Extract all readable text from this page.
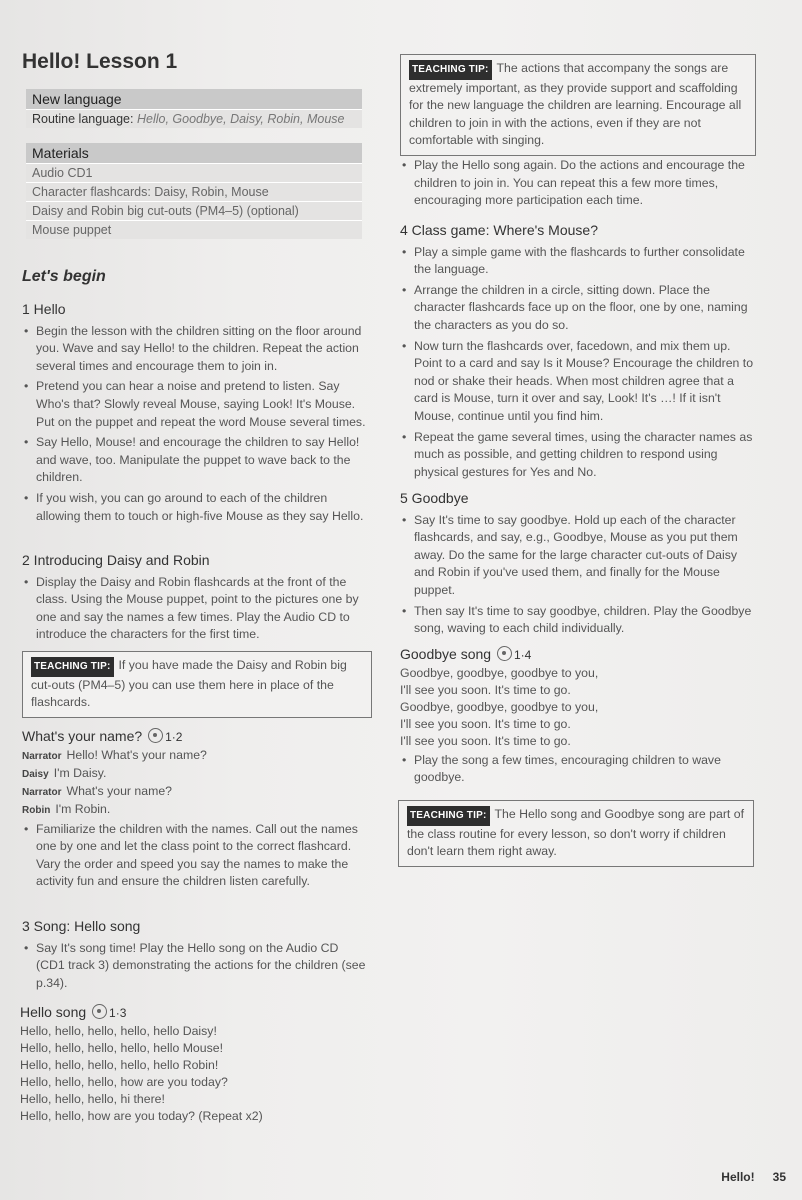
Hello! Lesson 1
New language
Routine language: Hello, Goodbye, Daisy, Robin, Mouse
Materials
Audio CD1
Character flashcards: Daisy, Robin, Mouse
Daisy and Robin big cut-outs (PM4–5) (optional)
Mouse puppet
Let's begin
1 Hello
• Begin the lesson with the children sitting on the floor around you. Wave and say Hello! to the children. Repeat the action several times and encourage them to join in.
• Pretend you can hear a noise and pretend to listen. Say Who's that? Slowly reveal Mouse, saying Look! It's Mouse. Put on the puppet and repeat the word Mouse several times.
• Say Hello, Mouse! and encourage the children to say Hello! and wave, too. Manipulate the puppet to wave back to the children.
• If you wish, you can go around to each of the children allowing them to touch or high-five Mouse as they say Hello.
2 Introducing Daisy and Robin
• Display the Daisy and Robin flashcards at the front of the class. Using the Mouse puppet, point to the pictures one by one and say the names a few times. Play the Audio CD to introduce the characters for the first time.
TEACHING TIP: If you have made the Daisy and Robin big cut-outs (PM4–5) you can use them here in place of the flashcards.
What's your name? 1·2
Narrator Hello! What's your name?
Daisy I'm Daisy.
Narrator What's your name?
Robin I'm Robin.
• Familiarize the children with the names. Call out the names one by one and let the class point to the correct flashcard. Vary the order and speed you say the names to make the activity fun and ensure the children listen carefully.
3 Song: Hello song
• Say It's song time! Play the Hello song on the Audio CD (CD1 track 3) demonstrating the actions for the children (see p.34).
Hello song 1·3
Hello, hello, hello, hello, hello Daisy!
Hello, hello, hello, hello, hello Mouse!
Hello, hello, hello, hello, hello Robin!
Hello, hello, hello, how are you today?
Hello, hello, hello, hi there!
Hello, hello, how are you today? (Repeat x2)
TEACHING TIP: The actions that accompany the songs are extremely important, as they provide support and scaffolding for the new language the children are learning. Encourage all children to join in with the actions, even if they are not comfortable with singing.
• Play the Hello song again. Do the actions and encourage the children to join in. You can repeat this a few more times, encouraging more participation each time.
4 Class game: Where's Mouse?
• Play a simple game with the flashcards to further consolidate the language.
• Arrange the children in a circle, sitting down. Place the character flashcards face up on the floor, one by one, naming the characters as you do so.
• Now turn the flashcards over, facedown, and mix them up. Point to a card and say Is it Mouse? Encourage the children to nod or shake their heads. When most children agree that a card is Mouse, turn it over and say, Look! It's …! If it isn't Mouse, continue until you find him.
• Repeat the game several times, using the character names as much as possible, and getting children to respond using physical gestures for Yes and No.
5 Goodbye
• Say It's time to say goodbye. Hold up each of the character flashcards, and say, e.g., Goodbye, Mouse as you put them away. Do the same for the large character cut-outs of Daisy and Robin if you've used them, and finally for the Mouse puppet.
• Then say It's time to say goodbye, children. Play the Goodbye song, waving to each child individually.
Goodbye song 1·4
Goodbye, goodbye, goodbye to you,
I'll see you soon. It's time to go.
Goodbye, goodbye, goodbye to you,
I'll see you soon. It's time to go.
I'll see you soon. It's time to go.
• Play the song a few times, encouraging children to wave goodbye.
TEACHING TIP: The Hello song and Goodbye song are part of the class routine for every lesson, so don't worry if children don't learn them right away.
Hello! 35
